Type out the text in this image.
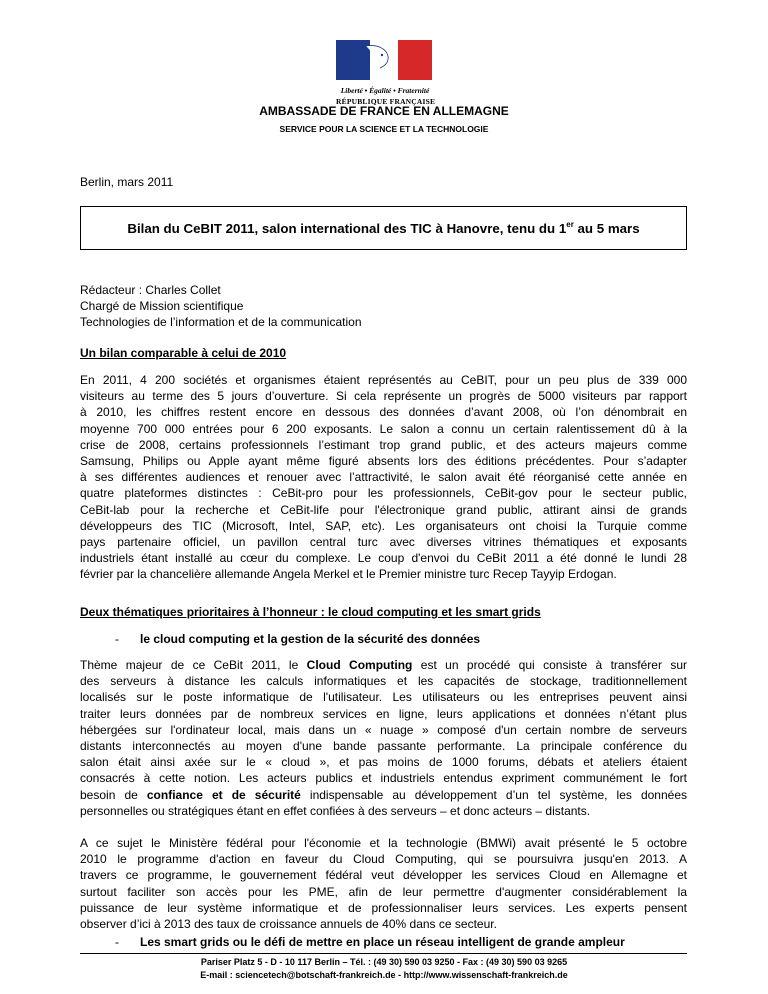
Liberté • Égalité • Fraternité
RÉPUBLIQUE FRANÇAISE
AMBASSADE DE FRANCE EN ALLEMAGNE
SERVICE POUR LA SCIENCE ET LA TECHNOLOGIE
Berlin, mars 2011
Bilan du CeBIT 2011, salon international des TIC à Hanovre, tenu du 1er au 5 mars
Rédacteur : Charles Collet
Chargé de Mission scientifique
Technologies de l’information et de la communication
Un bilan comparable à celui de 2010
En 2011, 4 200 sociétés et organismes étaient représentés au CeBIT, pour un peu plus de 339 000
visiteurs au terme des 5 jours d’ouverture. Si cela représente un progrès de 5000 visiteurs par rapport
à 2010, les chiffres restent encore en dessous des données d’avant 2008, où l’on dénombrait en
moyenne 700 000 entrées pour 6 200 exposants. Le salon a connu un certain ralentissement dû à la
crise de 2008, certains professionnels l’estimant trop grand public, et des acteurs majeurs comme
Samsung, Philips ou Apple ayant même figuré absents lors des éditions précédentes. Pour s’adapter
à ses différentes audiences et renouer avec l’attractivité, le salon avait été réorganisé cette année en
quatre plateformes distinctes : CeBit-pro pour les professionnels, CeBit-gov pour le secteur public,
CeBit-lab pour la recherche et CeBit-life pour l'électronique grand public, attirant ainsi de grands
développeurs des TIC (Microsoft, Intel, SAP, etc). Les organisateurs ont choisi la Turquie comme
pays partenaire officiel, un pavillon central turc avec diverses vitrines thématiques et exposants
industriels étant installé au cœur du complexe. Le coup d'envoi du CeBit 2011 a été donné le lundi 28
février par la chancelière allemande Angela Merkel et le Premier ministre turc Recep Tayyip Erdogan.
Deux thématiques prioritaires à l’honneur : le cloud computing et les smart grids
- le cloud computing et la gestion de la sécurité des données
Thème majeur de ce CeBit 2011, le Cloud Computing est un procédé qui consiste à transférer sur
des serveurs à distance les calculs informatiques et les capacités de stockage, traditionnellement
localisés sur le poste informatique de l'utilisateur. Les utilisateurs ou les entreprises peuvent ainsi
traiter leurs données par de nombreux services en ligne, leurs applications et données n’étant plus
hébergées sur l'ordinateur local, mais dans un « nuage » composé d'un certain nombre de serveurs
distants interconnectés au moyen d'une bande passante performante. La principale conférence du
salon était ainsi axée sur le « cloud », et pas moins de 1000 forums, débats et ateliers étaient
consacrés à cette notion. Les acteurs publics et industriels entendus expriment communément le fort
besoin de confiance et de sécurité indispensable au développement d’un tel système, les données
personnelles ou stratégiques étant en effet confiées à des serveurs – et donc acteurs – distants.
A ce sujet le Ministère fédéral pour l'économie et la technologie (BMWi) avait présenté le 5 octobre
2010 le programme d'action en faveur du Cloud Computing, qui se poursuivra jusqu'en 2013. A
travers ce programme, le gouvernement fédéral veut développer les services Cloud en Allemagne et
surtout faciliter son accès pour les PME, afin de leur permettre d'augmenter considérablement la
puissance de leur système informatique et de professionnaliser leurs services. Les experts pensent
observer d’ici à 2013 des taux de croissance annuels de 40% dans ce secteur.
- Les smart grids ou le défi de mettre en place un réseau intelligent de grande ampleur
Pariser Platz 5 - D - 10 117 Berlin – Tél. : (49 30) 590 03 9250 - Fax : (49 30) 590 03 9265
E-mail : sciencetech@botschaft-frankreich.de - http://www.wissenschaft-frankreich.de
